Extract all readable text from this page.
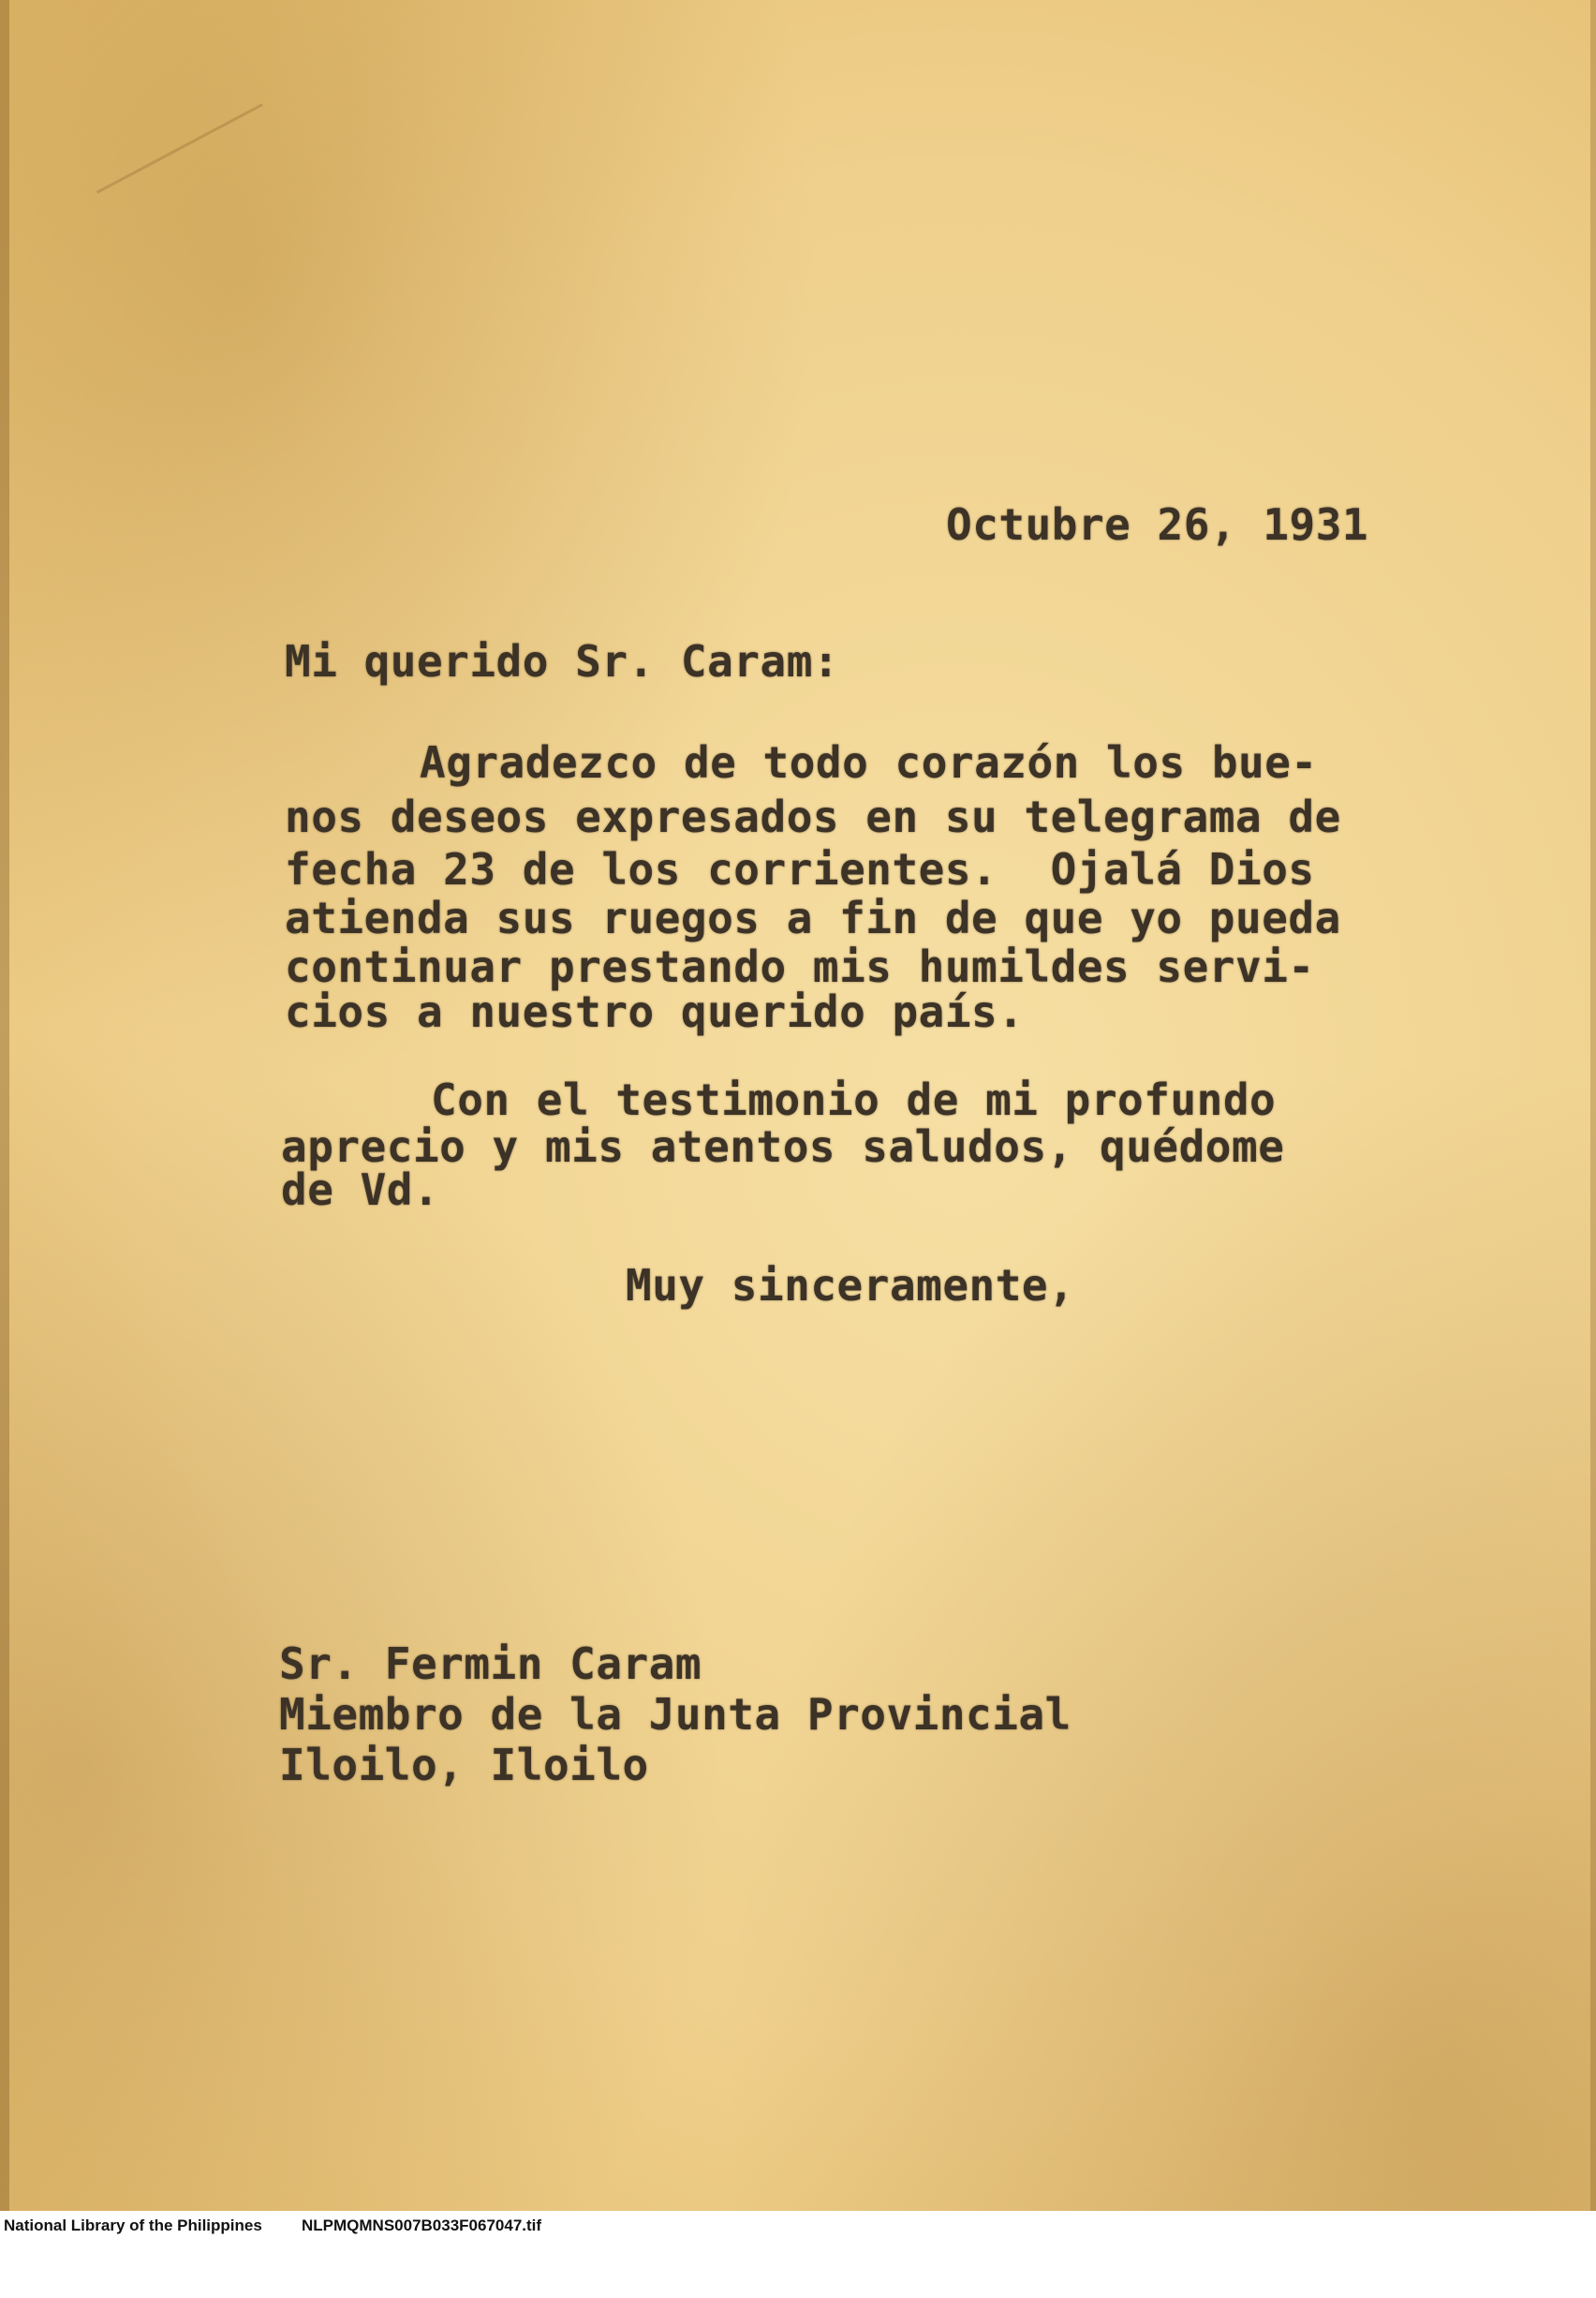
Octubre 26, 1931
Mi querido Sr. Caram:
Agradezco de todo corazón los bue-
nos deseos expresados en su telegrama de
fecha 23 de los corrientes.  Ojalá Dios
atienda sus ruegos a fin de que yo pueda
continuar prestando mis humildes servi-
cios a nuestro querido país.
Con el testimonio de mi profundo
aprecio y mis atentos saludos, quédome
de Vd.
Muy sinceramente,
Sr. Fermin Caram
Miembro de la Junta Provincial
Iloilo, Iloilo

National Library of the Philippines

NLPMQMNS007B033F067047.tif
